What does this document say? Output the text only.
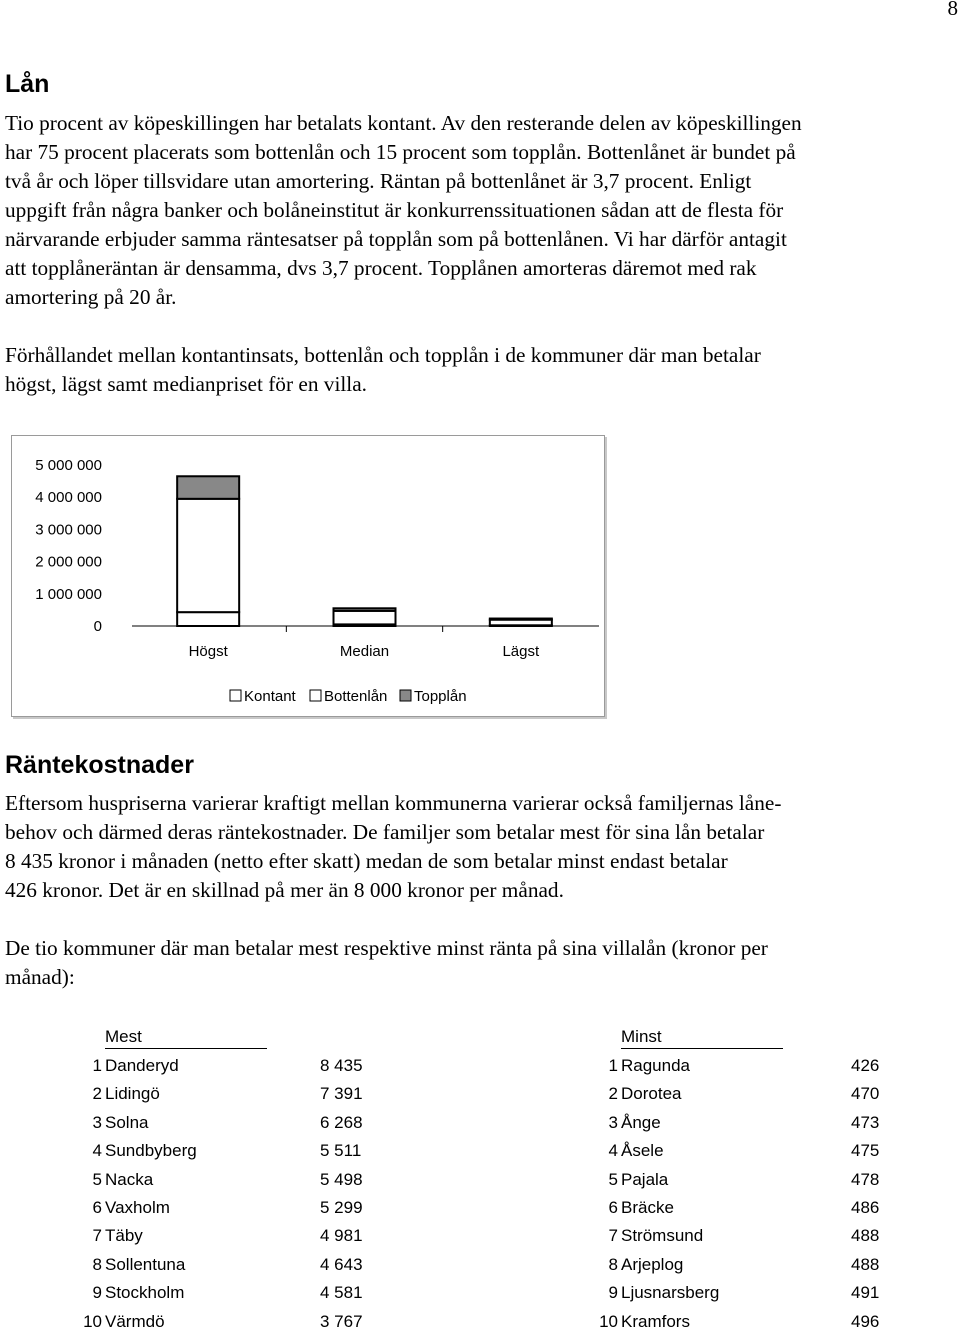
8
Lån

Tio procent av köpeskillingen har betalats kontant. Av den resterande delen av köpeskillingen
har 75 procent placerats som bottenlån och 15 procent som topplån. Bottenlånet är bundet på
två år och löper tillsvidare utan amortering. Räntan på bottenlånet är 3,7 procent. Enligt
uppgift från några banker och bolåneinstitut är konkurrenssituationen sådan att de flesta för
närvarande erbjuder samma räntesatser på topplån som på bottenlånen. Vi har därför antagit
att topplåneräntan är densamma, dvs 3,7 procent. Topplånen amorteras däremot med rak
amortering på 20 år.

Förhållandet mellan kontantinsats, bottenlån och topplån i de kommuner där man betalar
högst, lägst samt medianpriset för en villa.

5 000 000
4 000 000
3 000 000
2 000 000
1 000 000
0
Högst	Median	Lägst
Kontant Bottenlån Topplån
Räntekostnader

Eftersom huspriserna varierar kraftigt mellan kommunerna varierar också familjernas låne-
behov och därmed deras räntekostnader. De familjer som betalar mest för sina lån betalar
8 435 kronor i månaden (netto efter skatt) medan de som betalar minst endast betalar
426 kronor. Det är en skillnad på mer än 8 000 kronor per månad.

De tio kommuner där man betalar mest respektive minst ränta på sina villalån (kronor per
månad):

Mest
1 Danderyd	8 435
2 Lidingö	7 391
3 Solna	6 268
4 Sundbyberg	5 511
5 Nacka	5 498
6 Vaxholm	5 299
7 Täby	4 981
8 Sollentuna	4 643
9 Stockholm	4 581
10 Värmdö	3 767
Minst
1 Ragunda	426
2 Dorotea	470
3 Ånge	473
4 Åsele	475
5 Pajala	478
6 Bräcke	486
7 Strömsund	488
8 Arjeplog	488
9 Ljusnarsberg	491
10 Kramfors	496
